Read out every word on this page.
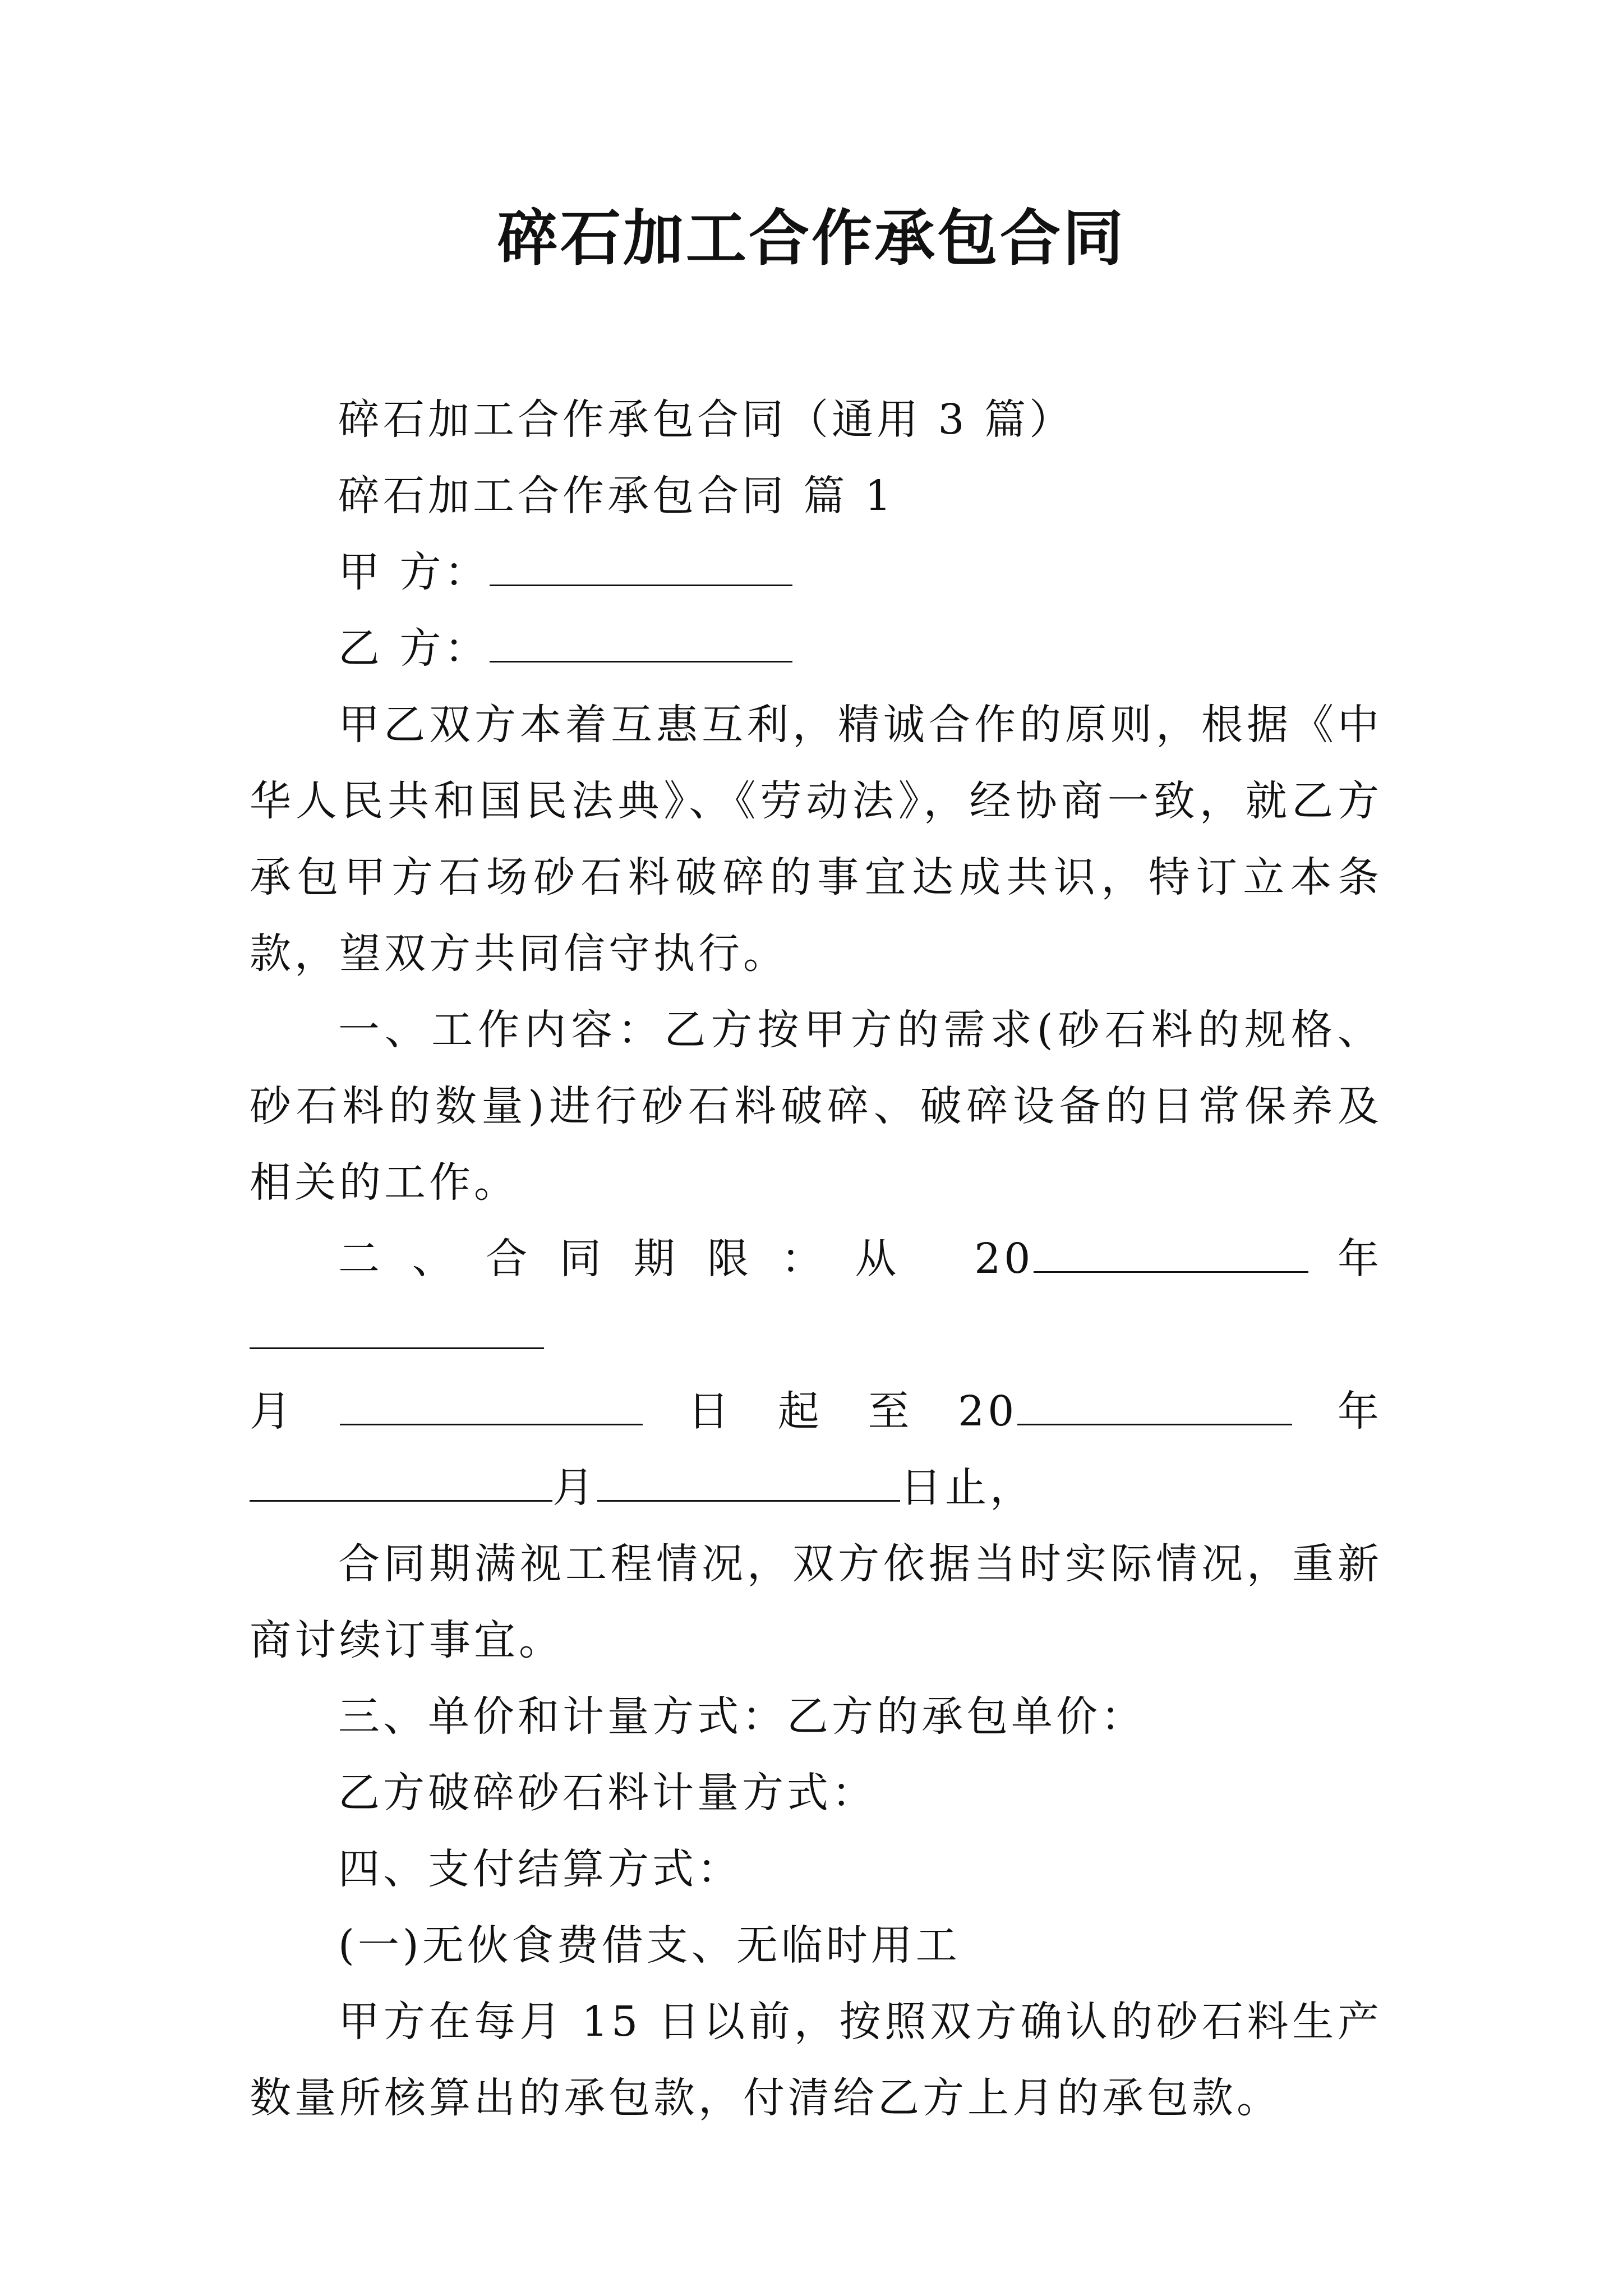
碎石加工合作承包合同

碎石加工合作承包合同（通用 3 篇）

碎石加工合作承包合同 篇 1

甲 方：

乙 方：

甲乙双方本着互惠互利，精诚合作的原则，根据《中华人民共和国民法典》、《劳动法》，经协商一致，就乙方承包甲方石场砂石料破碎的事宜达成共识，特订立本条款，望双方共同信守执行。

一、工作内容：乙方按甲方的需求(砂石料的规格、砂石料的数量)进行砂石料破碎、破碎设备的日常保养及相关的工作。

二、合同期限：从 20	年

月	日 起 至 20	年

月	日止，

合同期满视工程情况，双方依据当时实际情况，重新商讨续订事宜。

三、单价和计量方式：乙方的承包单价：

乙方破碎砂石料计量方式：

四、支付结算方式：

(一)无伙食费借支、无临时用工

甲方在每月 15 日以前，按照双方确认的砂石料生产数量所核算出的承包款，付清给乙方上月的承包款。
